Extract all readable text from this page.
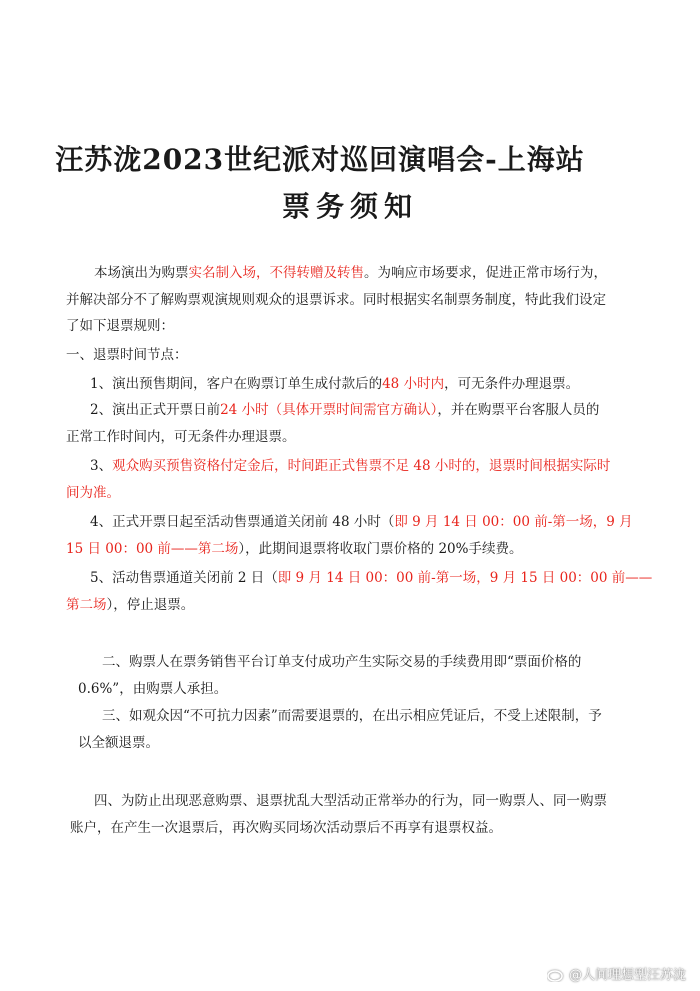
汪苏泷2023世纪派对巡回演唱会-上海站
票务须知
本场演出为购票实名制入场，不得转赠及转售。为响应市场要求，促进正常市场行为，
并解决部分不了解购票观演规则观众的退票诉求。同时根据实名制票务制度，特此我们设定
了如下退票规则：
一、退票时间节点：
1、演出预售期间，客户在购票订单生成付款后的48 小时内，可无条件办理退票。
2、演出正式开票日前24 小时（具体开票时间需官方确认），并在购票平台客服人员的
正常工作时间内，可无条件办理退票。
3、观众购买预售资格付定金后，时间距正式售票不足 48 小时的，退票时间根据实际时
间为准。
4、正式开票日起至活动售票通道关闭前 48 小时（即 9 月 14 日 00：00 前-第一场，9 月
15 日 00：00 前——第二场），此期间退票将收取门票价格的 20%手续费。
5、活动售票通道关闭前 2 日（即 9 月 14 日 00：00 前-第一场，9 月 15 日 00：00 前——
第二场），停止退票。
二、购票人在票务销售平台订单支付成功产生实际交易的手续费用即“票面价格的
0.6%”，由购票人承担。
三、如观众因“不可抗力因素”而需要退票的，在出示相应凭证后，不受上述限制，予
以全额退票。
四、为防止出现恶意购票、退票扰乱大型活动正常举办的行为，同一购票人、同一购票
账户，在产生一次退票后，再次购买同场次活动票后不再享有退票权益。
@人间理想型汪苏泷
